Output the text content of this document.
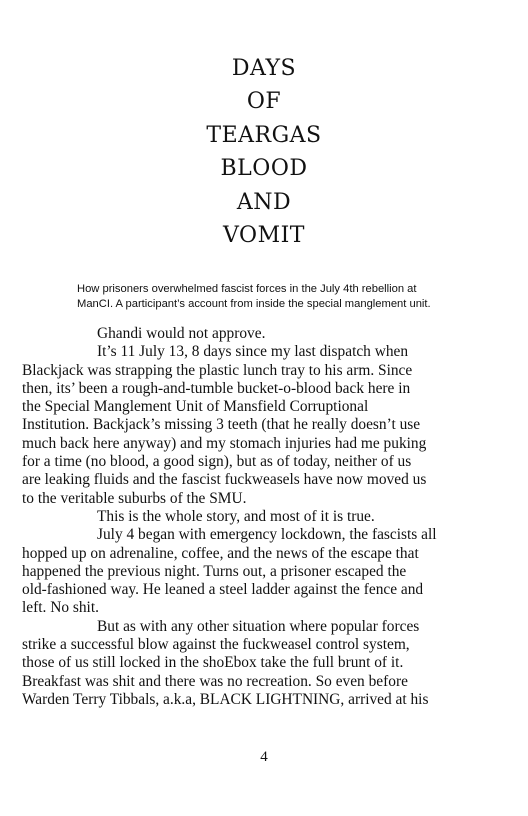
DAYS
OF
TEARGAS
BLOOD
AND
VOMIT
How prisoners overwhelmed fascist forces in the July 4th rebellion at
ManCI. A participant’s account from inside the special manglement unit.
Ghandi would not approve.
It’s 11 July 13, 8 days since my last dispatch when
Blackjack was strapping the plastic lunch tray to his arm. Since
then, its’ been a rough-and-tumble bucket-o-blood back here in
the Special Manglement Unit of Mansfield Corruptional
Institution. Backjack’s missing 3 teeth (that he really doesn’t use
much back here anyway) and my stomach injuries had me puking
for a time (no blood, a good sign), but as of today, neither of us
are leaking fluids and the fascist fuckweasels have now moved us
to the veritable suburbs of the SMU.
This is the whole story, and most of it is true.
July 4 began with emergency lockdown, the fascists all
hopped up on adrenaline, coffee, and the news of the escape that
happened the previous night. Turns out, a prisoner escaped the
old-fashioned way. He leaned a steel ladder against the fence and
left. No shit.
But as with any other situation where popular forces
strike a successful blow against the fuckweasel control system,
those of us still locked in the shoEbox take the full brunt of it.
Breakfast was shit and there was no recreation. So even before
Warden Terry Tibbals, a.k.a, BLACK LIGHTNING, arrived at his
4
